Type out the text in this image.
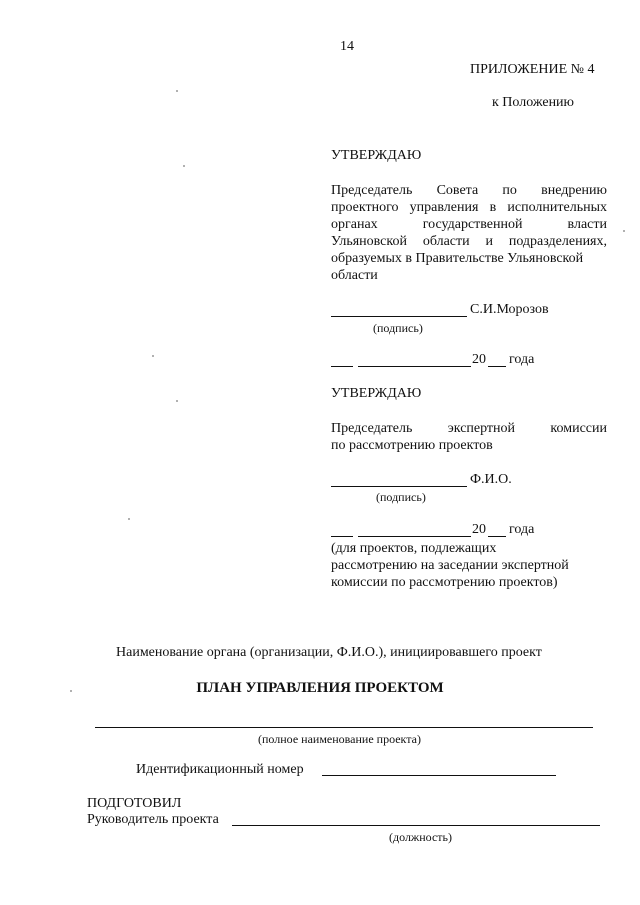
14
ПРИЛОЖЕНИЕ № 4
к Положению
УТВЕРЖДАЮ
Председатель Совета по внедрению
проектного управления в исполнительных
органах государственной власти
Ульяновской области и подразделениях,
образуемых в Правительстве Ульяновской
области
С.И.Морозов
(подпись)
20 года
УТВЕРЖДАЮ
Председатель экспертной комиссии
по рассмотрению проектов
Ф.И.О.
(подпись)
20 года
(для проектов, подлежащих
рассмотрению на заседании экспертной
комиссии по рассмотрению проектов)
Наименование органа (организации, Ф.И.О.), инициировавшего проект
ПЛАН УПРАВЛЕНИЯ ПРОЕКТОМ
(полное наименование проекта)
Идентификационный номер
ПОДГОТОВИЛ
Руководитель проекта
(должность)
